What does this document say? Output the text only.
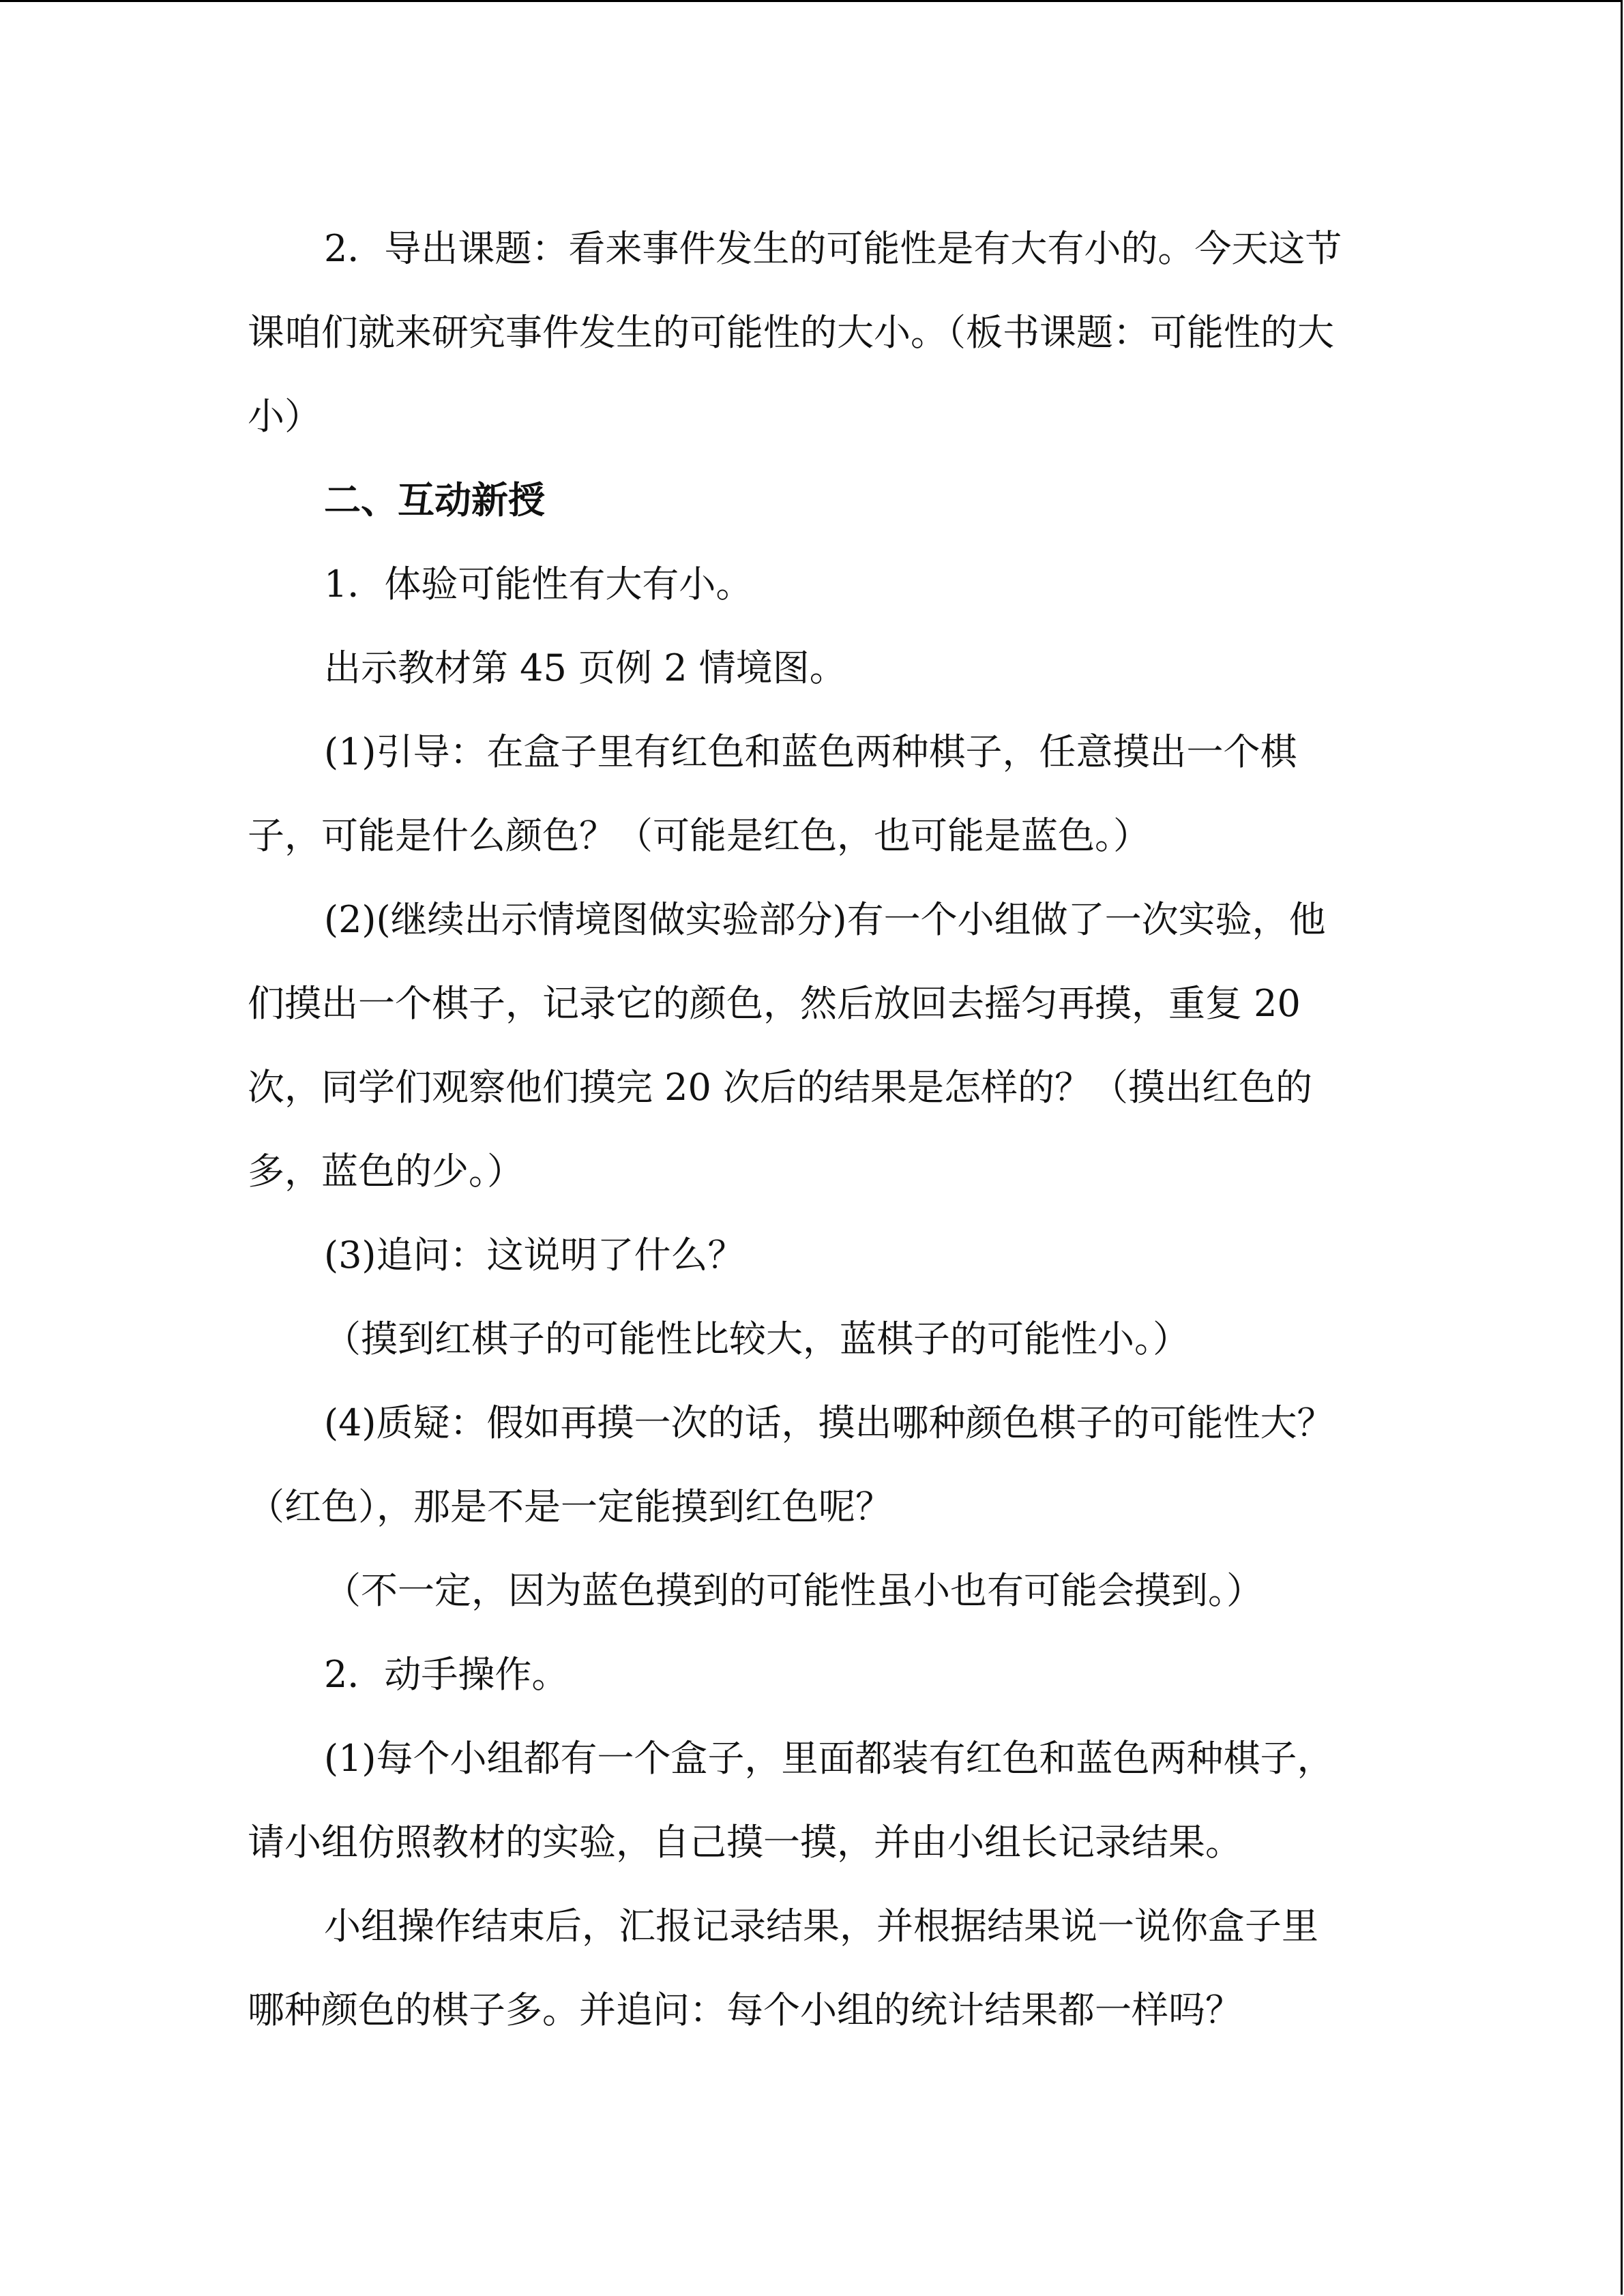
2．导出课题：看来事件发生的可能性是有大有小的。今天这节
课咱们就来研究事件发生的可能性的大小。（板书课题：可能性的大
小）
二、互动新授
1．体验可能性有大有小。
出示教材第 45 页例 2 情境图。
(1)引导：在盒子里有红色和蓝色两种棋子，任意摸出一个棋
子，可能是什么颜色？（可能是红色，也可能是蓝色。）
(2)(继续出示情境图做实验部分)有一个小组做了一次实验，他
们摸出一个棋子，记录它的颜色，然后放回去摇匀再摸，重复 20
次，同学们观察他们摸完 20 次后的结果是怎样的？（摸出红色的
多，蓝色的少。）
(3)追问：这说明了什么？
（摸到红棋子的可能性比较大，蓝棋子的可能性小。）
(4)质疑：假如再摸一次的话，摸出哪种颜色棋子的可能性大？
（红色），那是不是一定能摸到红色呢？
（不一定，因为蓝色摸到的可能性虽小也有可能会摸到。）
2．动手操作。
(1)每个小组都有一个盒子，里面都装有红色和蓝色两种棋子，
请小组仿照教材的实验，自己摸一摸，并由小组长记录结果。
小组操作结束后，汇报记录结果，并根据结果说一说你盒子里
哪种颜色的棋子多。并追问：每个小组的统计结果都一样吗？
